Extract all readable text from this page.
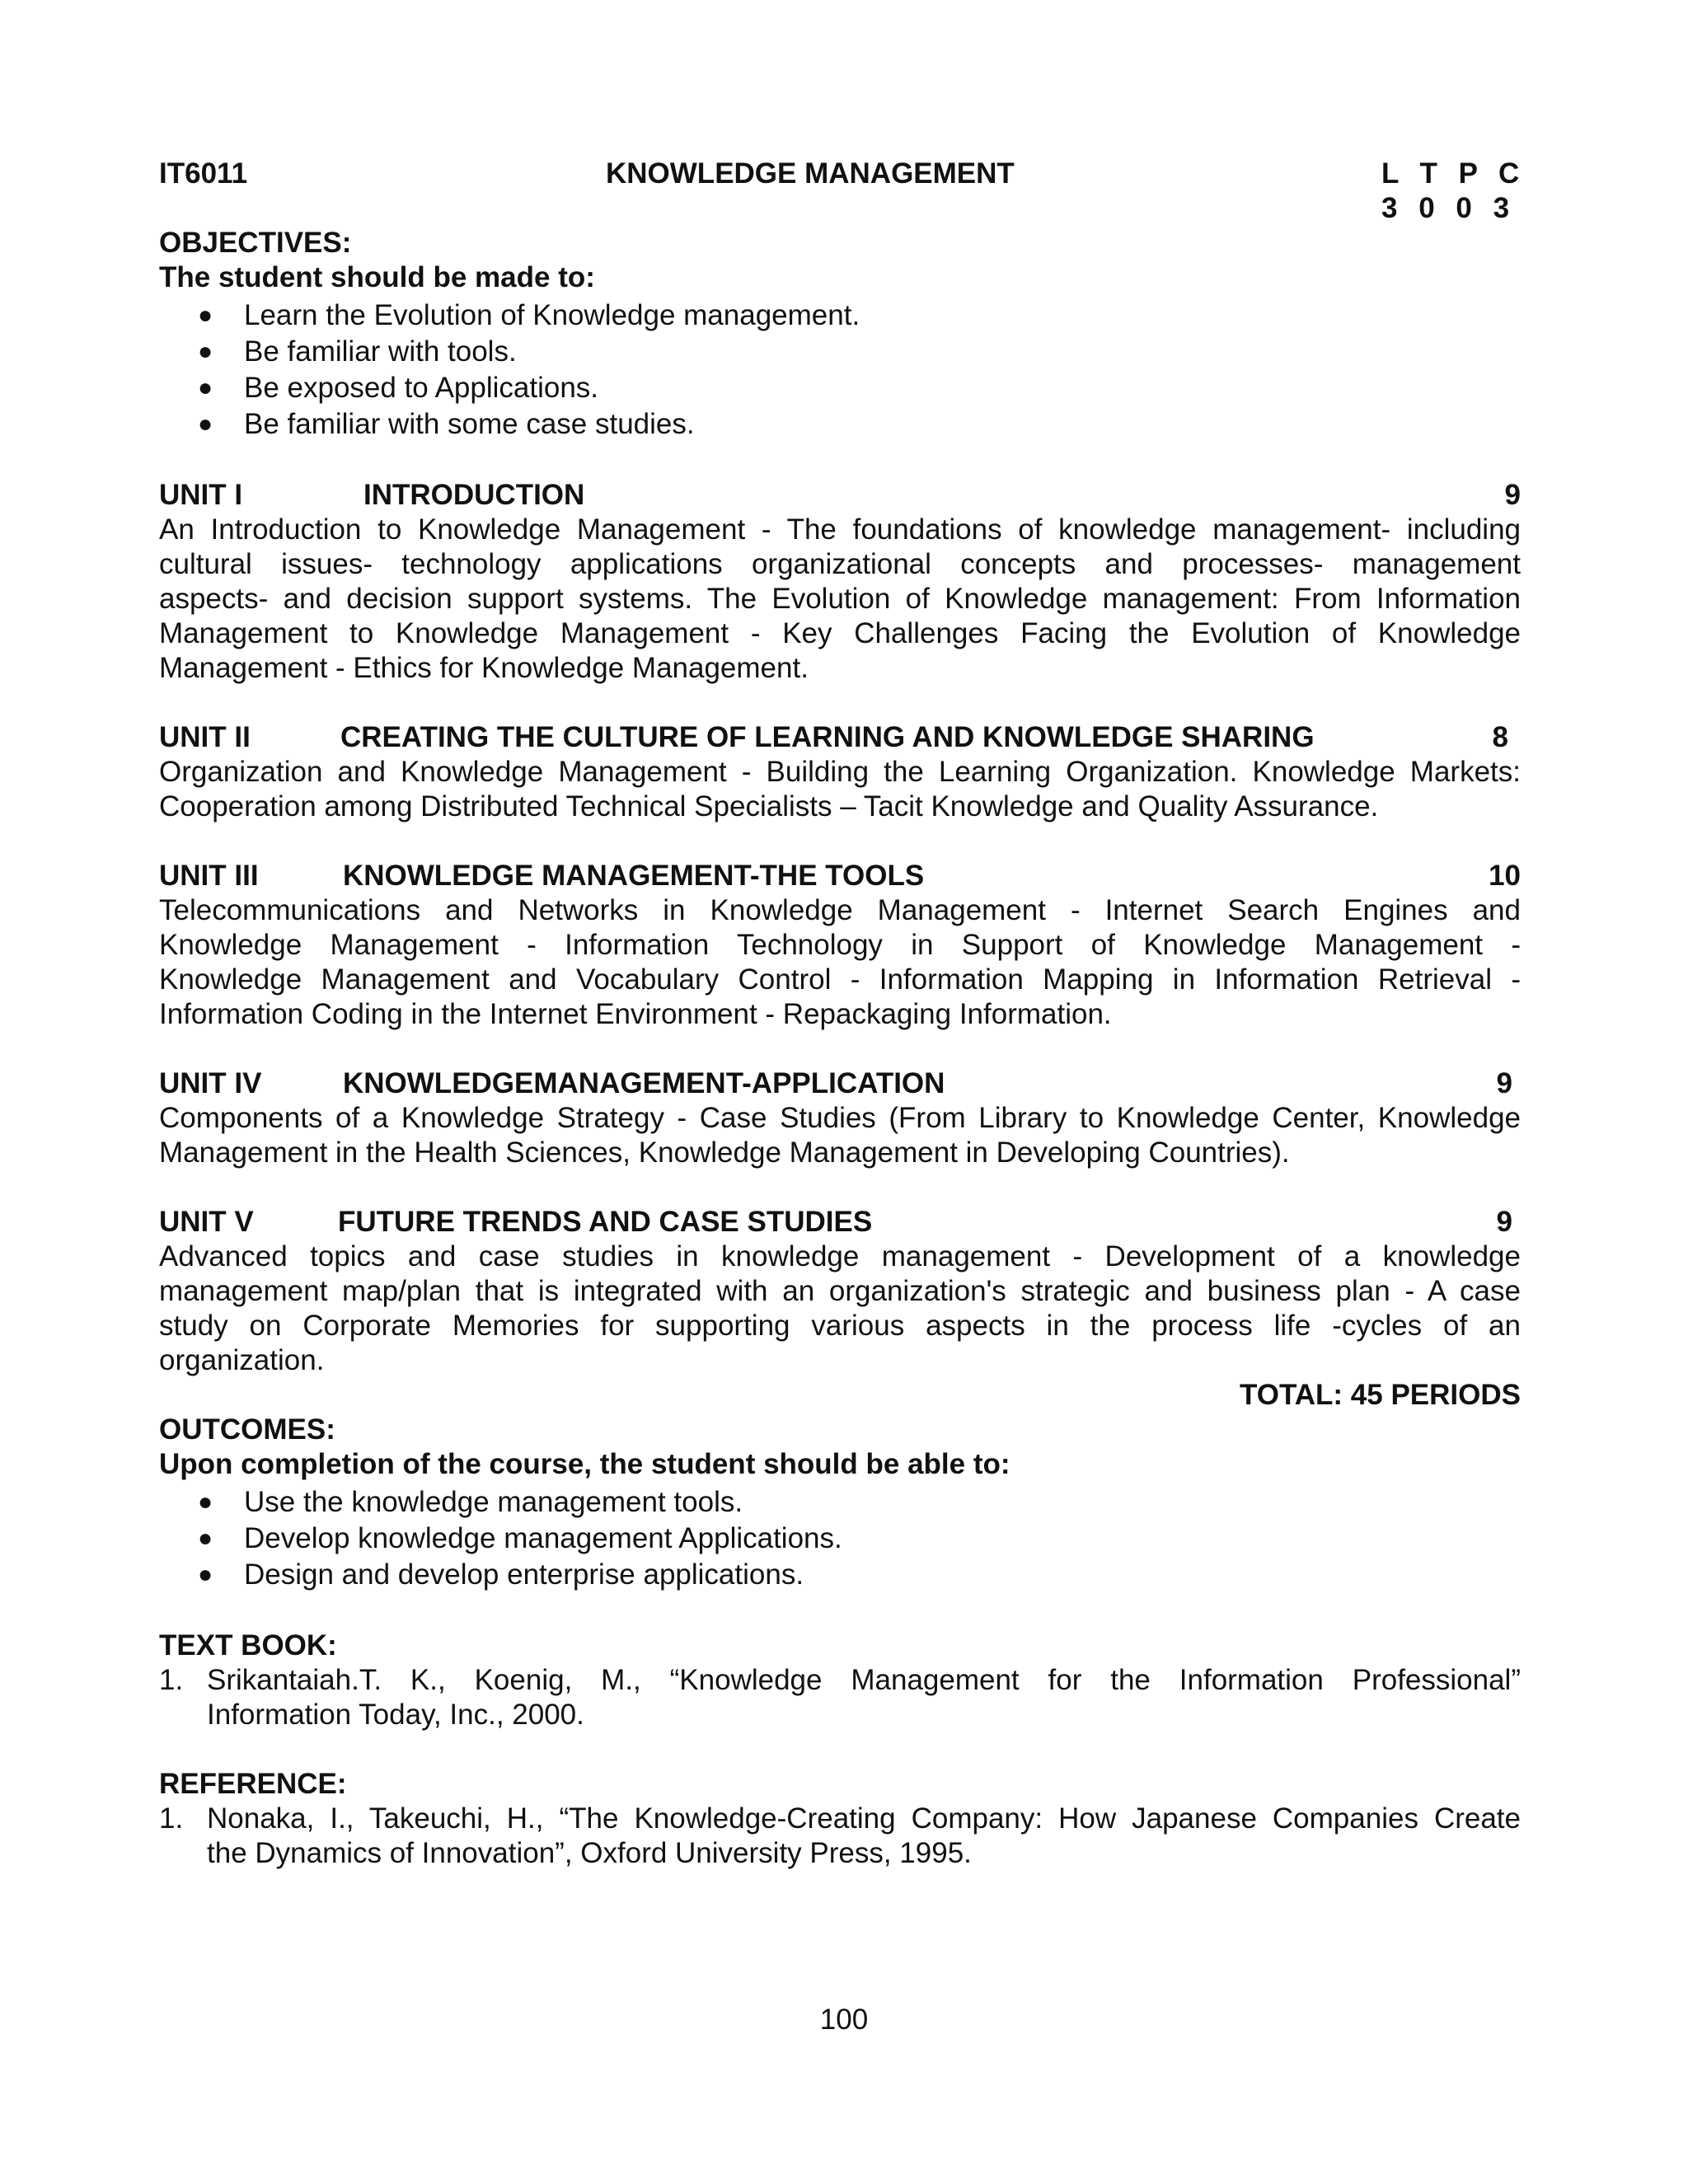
IT6011	KNOWLEDGE MANAGEMENT	L T P C
3 0 0 3
OBJECTIVES:
The student should be made to:
● Learn the Evolution of Knowledge management.
● Be familiar with tools.
● Be exposed to Applications.
● Be familiar with some case studies.
UNIT I	INTRODUCTION	9
An Introduction to Knowledge Management - The foundations of knowledge management- including
cultural issues- technology applications organizational concepts and processes- management
aspects- and decision support systems. The Evolution of Knowledge management: From Information
Management to Knowledge Management - Key Challenges Facing the Evolution of Knowledge
Management - Ethics for Knowledge Management.
UNIT II	CREATING THE CULTURE OF LEARNING AND KNOWLEDGE SHARING	8
Organization and Knowledge Management - Building the Learning Organization. Knowledge Markets:
Cooperation among Distributed Technical Specialists – Tacit Knowledge and Quality Assurance.
UNIT III	KNOWLEDGE MANAGEMENT-THE TOOLS	10
Telecommunications and Networks in Knowledge Management - Internet Search Engines and
Knowledge Management - Information Technology in Support of Knowledge Management -
Knowledge Management and Vocabulary Control - Information Mapping in Information Retrieval -
Information Coding in the Internet Environment - Repackaging Information.
UNIT IV	KNOWLEDGEMANAGEMENT-APPLICATION	9
Components of a Knowledge Strategy - Case Studies (From Library to Knowledge Center, Knowledge
Management in the Health Sciences, Knowledge Management in Developing Countries).
UNIT V	FUTURE TRENDS AND CASE STUDIES	9
Advanced topics and case studies in knowledge management - Development of a knowledge
management map/plan that is integrated with an organization's strategic and business plan - A case
study on Corporate Memories for supporting various aspects in the process life -cycles of an
organization.
TOTAL: 45 PERIODS
OUTCOMES:
Upon completion of the course, the student should be able to:
● Use the knowledge management tools.
● Develop knowledge management Applications.
● Design and develop enterprise applications.
TEXT BOOK:
1. Srikantaiah.T. K., Koenig, M., “Knowledge Management for the Information Professional”
Information Today, Inc., 2000.
REFERENCE:
1. Nonaka, I., Takeuchi, H., “The Knowledge-Creating Company: How Japanese Companies Create
the Dynamics of Innovation”, Oxford University Press, 1995.
100
